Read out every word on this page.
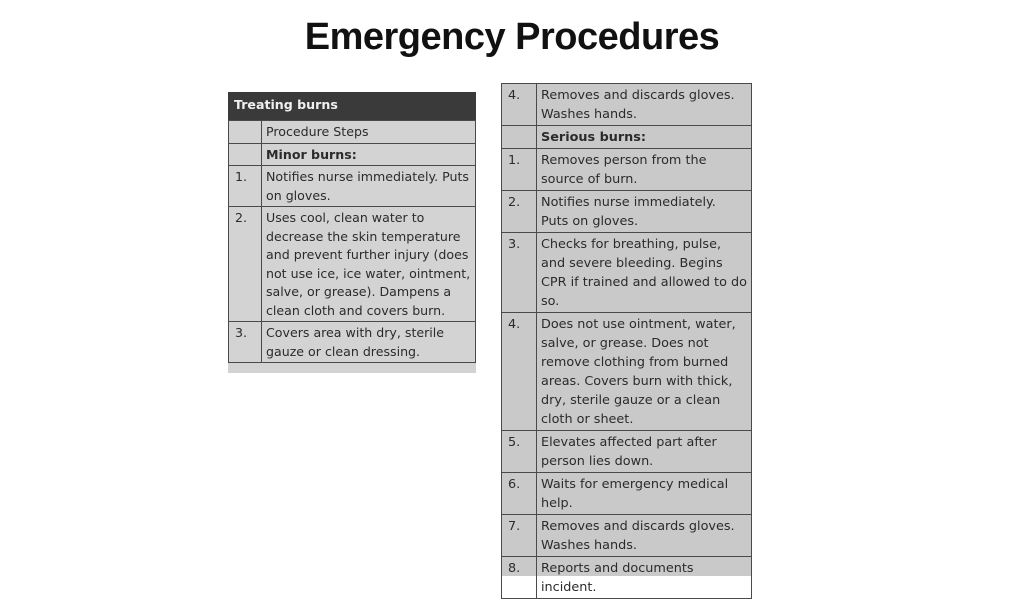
Emergency Procedures
Treating burns
	Procedure Steps
	Minor burns:
1.	Notifies nurse immediately. Puts on gloves.
2.	Uses cool, clean water to decrease the skin temperature and prevent further injury (does not use ice, ice water, ointment, salve, or grease). Dampens a clean cloth and covers burn.
3.	Covers area with dry, sterile gauze or clean dressing.
4.	Removes and discards gloves. Washes hands.
	Serious burns:
1.	Removes person from the source of burn.
2.	Notifies nurse immediately. Puts on gloves.
3.	Checks for breathing, pulse, and severe bleeding. Begins CPR if trained and allowed to do so.
4.	Does not use ointment, water, salve, or grease. Does not remove clothing from burned areas. Covers burn with thick, dry, sterile gauze or a clean cloth or sheet.
5.	Elevates affected part after person lies down.
6.	Waits for emergency medical help.
7.	Removes and discards gloves. Washes hands.
8.	Reports and documents incident.
